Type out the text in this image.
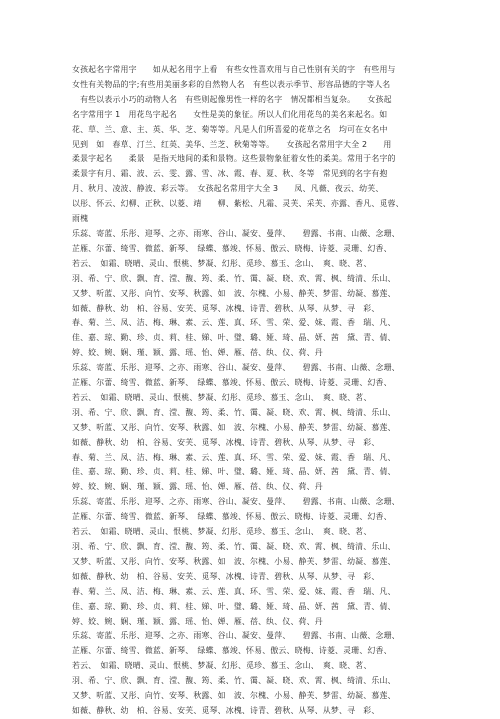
女孩起名字常用字　　如从起名用字上看　有些女性喜欢用与自己性别有关的字　有些用与
女性有关物品的字;有些用美丽多彩的自然物人名　有些以表示季节、形容品德的字等人名
　有些以表示小巧的动物人名　有些则起像男性一样的名字　情况都相当复杂。　　女孩起
名字常用字 1　用花鸟字起名　　女性是美的象征。所以人们化用花鸟的美名来起名。如
花、草、兰、意、主、英、华、芝、菊等等。凡是人们所喜爱的花草之名　均可在女名中
见到　如　春草、汀兰、红英、美华、兰芝、秋菊等等。　　女孩起名常用字大全 2　　用
柔景字起名　　柔景　是指天地间的柔和景物。这些景物象征着女性的柔美。常用于名字的
柔景字有月、霜、波、云、雯、露、雪、冰、霞、春、夏、秋、冬等　常见到的名字有抱
月、秋月、凌波、静波、彩云等。　女孩起名常用字大全 3　　凤、凡薇、夜云、幼芙、
以彤、怀云、幻柳、正秋、以菱、靖　　柳、紫松、凡霜、灵芙、采芙、亦露、香凡、觅蓉、
雨槐
乐蕊、寄蓝、乐彤、迎琴、之亦、雨寒、谷山、凝安、曼萍、　　碧露、书南、山薇、念珊、
芷雁、尔蕾、绮雪、微蓝、新琴、　绿蝶、慕竣、怀易、傲云、晓梅、诗菱、灵珊、幻香、
若云、　如霜、晓晴、灵山、恨桃、梦凝、幻彤、觅珍、慕玉、念山、　爽、晓、茗、
羽、希、宁、欣、飘、育、滢、馥、筠、柔、竹、霭、凝、晓、欢、霄、枫、绮清、乐山、
又梦、听蓝、又彤、向竹、安琴、秋露、如　波、尔槐、小易、静芙、梦雷、幼凝、慕莲、
如薇、静秋、幼　柏、谷易、安芙、觅琴、冰槐、诗青、碧秋、从琴、从梦、寻　彩、
春、菊、兰、凤、洁、梅、琳、素、云、莲、真、环、雪、荣、爱、妹、霞、香　瑞、凡、
佳、嘉、琼、勤、珍、贞、莉、桂、娣、叶、璧、璐、娅、琦、晶、妍、茜　黛、青、倩、
婷、姣、婉、娴、瑾、颖、露、瑶、怡、婵、雁、蓓、纨、仪、荷、丹
乐蕊、寄蓝、乐彤、迎琴、之亦、雨寒、谷山、凝安、曼萍、　　碧露、书南、山薇、念珊、
芷雁、尔蕾、绮雪、微蓝、新琴、　绿蝶、慕竣、怀易、傲云、晓梅、诗菱、灵珊、幻香、
若云、　如霜、晓晴、灵山、恨桃、梦凝、幻彤、觅珍、慕玉、念山、　爽、晓、茗、
羽、希、宁、欣、飘、育、滢、馥、筠、柔、竹、霭、凝、晓、欢、霄、枫、绮清、乐山、
又梦、听蓝、又彤、向竹、安琴、秋露、如　波、尔槐、小易、静芙、梦雷、幼凝、慕莲、
如薇、静秋、幼　柏、谷易、安芙、觅琴、冰槐、诗青、碧秋、从琴、从梦、寻　彩、
春、菊、兰、凤、洁、梅、琳、素、云、莲、真、环、雪、荣、爱、妹、霞、香　瑞、凡、
佳、嘉、琼、勤、珍、贞、莉、桂、娣、叶、璧、璐、娅、琦、晶、妍、茜　黛、青、倩、
婷、姣、婉、娴、瑾、颖、露、瑶、怡、婵、雁、蓓、纨、仪、荷、丹
乐蕊、寄蓝、乐彤、迎琴、之亦、雨寒、谷山、凝安、曼萍、　　碧露、书南、山薇、念珊、
芷雁、尔蕾、绮雪、微蓝、新琴、　绿蝶、慕竣、怀易、傲云、晓梅、诗菱、灵珊、幻香、
若云、　如霜、晓晴、灵山、恨桃、梦凝、幻彤、觅珍、慕玉、念山、　爽、晓、茗、
羽、希、宁、欣、飘、育、滢、馥、筠、柔、竹、霭、凝、晓、欢、霄、枫、绮清、乐山、
又梦、听蓝、又彤、向竹、安琴、秋露、如　波、尔槐、小易、静芙、梦雷、幼凝、慕莲、
如薇、静秋、幼　柏、谷易、安芙、觅琴、冰槐、诗青、碧秋、从琴、从梦、寻　彩、
春、菊、兰、凤、洁、梅、琳、素、云、莲、真、环、雪、荣、爱、妹、霞、香　瑞、凡、
佳、嘉、琼、勤、珍、贞、莉、桂、娣、叶、璧、璐、娅、琦、晶、妍、茜　黛、青、倩、
婷、姣、婉、娴、瑾、颖、露、瑶、怡、婵、雁、蓓、纨、仪、荷、丹
乐蕊、寄蓝、乐彤、迎琴、之亦、雨寒、谷山、凝安、曼萍、　　碧露、书南、山薇、念珊、
芷雁、尔蕾、绮雪、微蓝、新琴、　绿蝶、慕竣、怀易、傲云、晓梅、诗菱、灵珊、幻香、
若云、　如霜、晓晴、灵山、恨桃、梦凝、幻彤、觅珍、慕玉、念山、　爽、晓、茗、
羽、希、宁、欣、飘、育、滢、馥、筠、柔、竹、霭、凝、晓、欢、霄、枫、绮清、乐山、
又梦、听蓝、又彤、向竹、安琴、秋露、如　波、尔槐、小易、静芙、梦雷、幼凝、慕莲、
如薇、静秋、幼　柏、谷易、安芙、觅琴、冰槐、诗青、碧秋、从琴、从梦、寻　彩、
